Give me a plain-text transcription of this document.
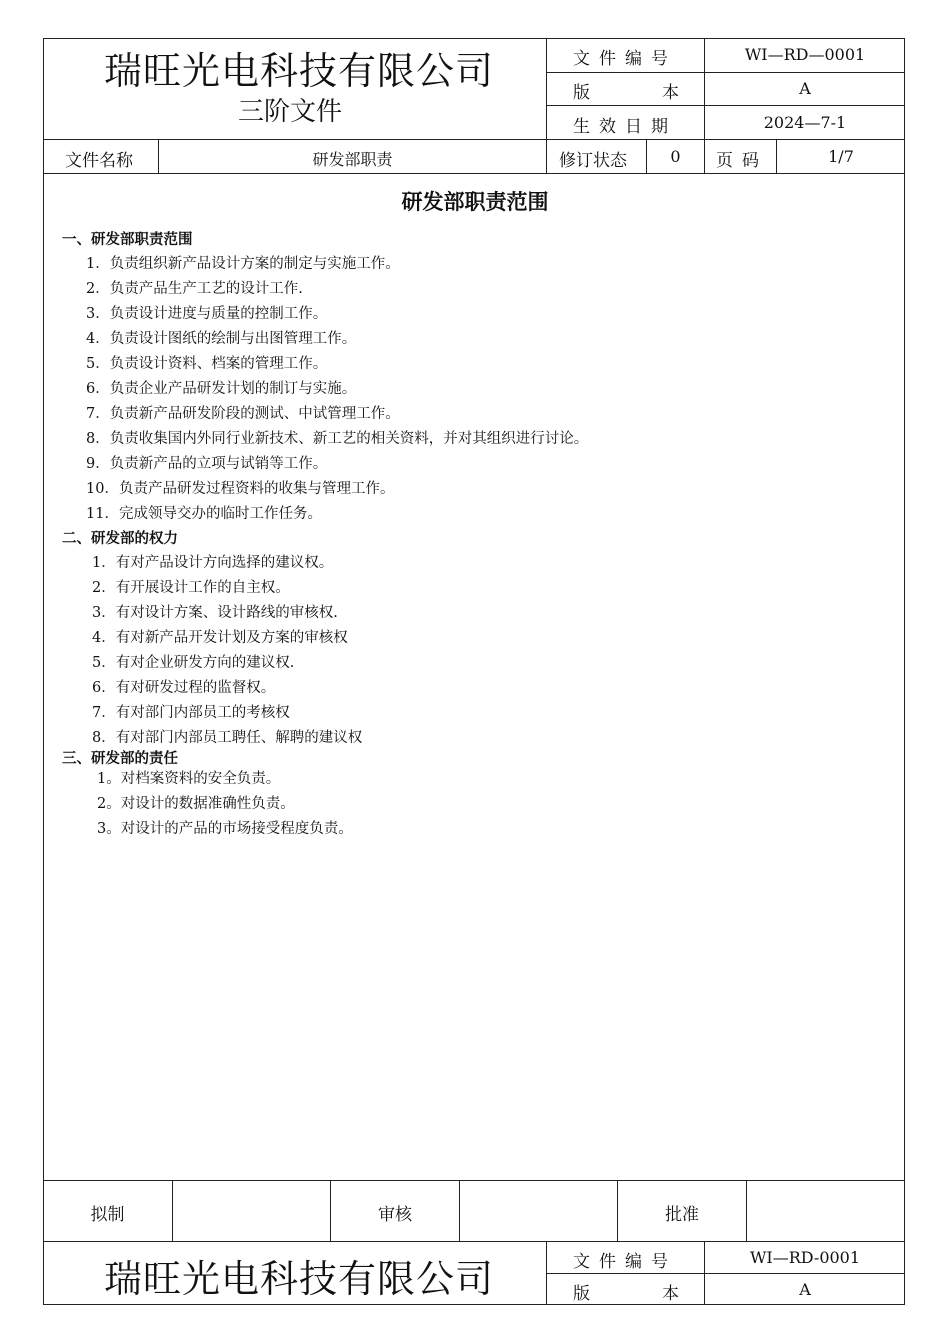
瑞旺光电科技有限公司
三阶文件
文件编号	WI—RD—0001
版本	A
生效日期	2024—7-1
文件名称	研发部职责	修订状态	0	页码	1/7
研发部职责范围
一、研发部职责范围
1．负责组织新产品设计方案的制定与实施工作。
2．负责产品生产工艺的设计工作.
3．负责设计进度与质量的控制工作。
4．负责设计图纸的绘制与出图管理工作。
5．负责设计资料、档案的管理工作。
6．负责企业产品研发计划的制订与实施。
7．负责新产品研发阶段的测试、中试管理工作。
8．负责收集国内外同行业新技术、新工艺的相关资料，并对其组织进行讨论。
9．负责新产品的立项与试销等工作。
10．负责产品研发过程资料的收集与管理工作。
11．完成领导交办的临时工作任务。
二、研发部的权力
1．有对产品设计方向选择的建议权。
2．有开展设计工作的自主权。
3．有对设计方案、设计路线的审核权.
4．有对新产品开发计划及方案的审核权
5．有对企业研发方向的建议权.
6．有对研发过程的监督权。
7．有对部门内部员工的考核权
8．有对部门内部员工聘任、解聘的建议权
三、研发部的责任
1。对档案资料的安全负责。
2。对设计的数据准确性负责。
3。对设计的产品的市场接受程度负责。
拟制	审核	批准
瑞旺光电科技有限公司	文件编号	WI—RD-0001
版本	A
